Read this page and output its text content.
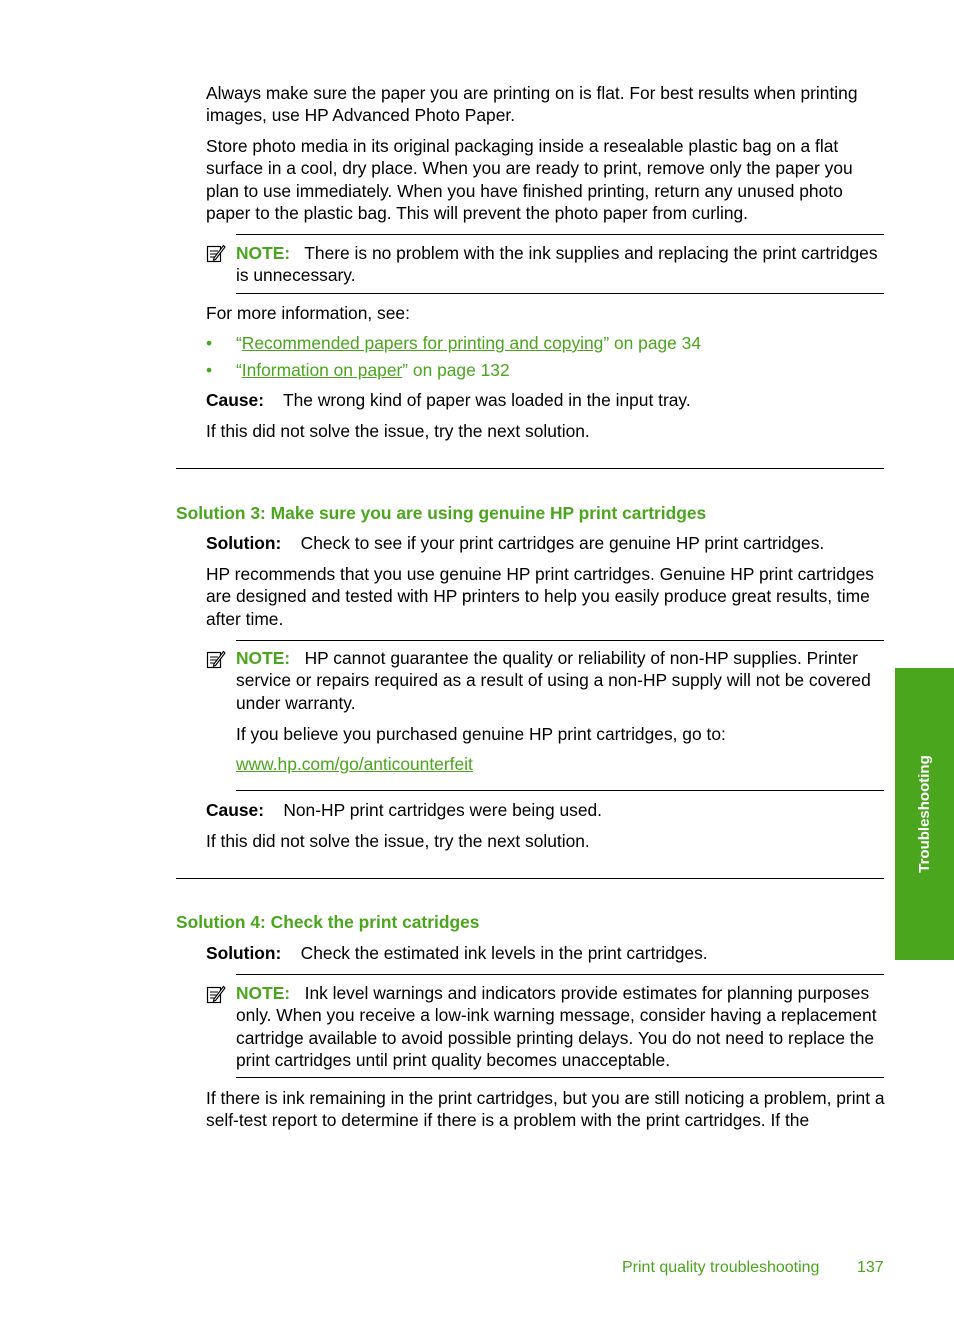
Always make sure the paper you are printing on is flat. For best results when printing images, use HP Advanced Photo Paper.

Store photo media in its original packaging inside a resealable plastic bag on a flat surface in a cool, dry place. When you are ready to print, remove only the paper you plan to use immediately. When you have finished printing, return any unused photo paper to the plastic bag. This will prevent the photo paper from curling.

NOTE: There is no problem with the ink supplies and replacing the print cartridges is unnecessary.

For more information, see:

• “Recommended papers for printing and copying” on page 34

• “Information on paper” on page 132

Cause: The wrong kind of paper was loaded in the input tray.

If this did not solve the issue, try the next solution.

Solution 3: Make sure you are using genuine HP print cartridges

Solution: Check to see if your print cartridges are genuine HP print cartridges.

HP recommends that you use genuine HP print cartridges. Genuine HP print cartridges are designed and tested with HP printers to help you easily produce great results, time after time.

NOTE: HP cannot guarantee the quality or reliability of non-HP supplies. Printer service or repairs required as a result of using a non-HP supply will not be covered under warranty.

If you believe you purchased genuine HP print cartridges, go to:

www.hp.com/go/anticounterfeit

Cause: Non-HP print cartridges were being used.

If this did not solve the issue, try the next solution.

Solution 4: Check the print catridges

Solution: Check the estimated ink levels in the print cartridges.

NOTE: Ink level warnings and indicators provide estimates for planning purposes only. When you receive a low-ink warning message, consider having a replacement cartridge available to avoid possible printing delays. You do not need to replace the print cartridges until print quality becomes unacceptable.

If there is ink remaining in the print cartridges, but you are still noticing a problem, print a self-test report to determine if there is a problem with the print cartridges. If the

Troubleshooting
Print quality troubleshooting 137
